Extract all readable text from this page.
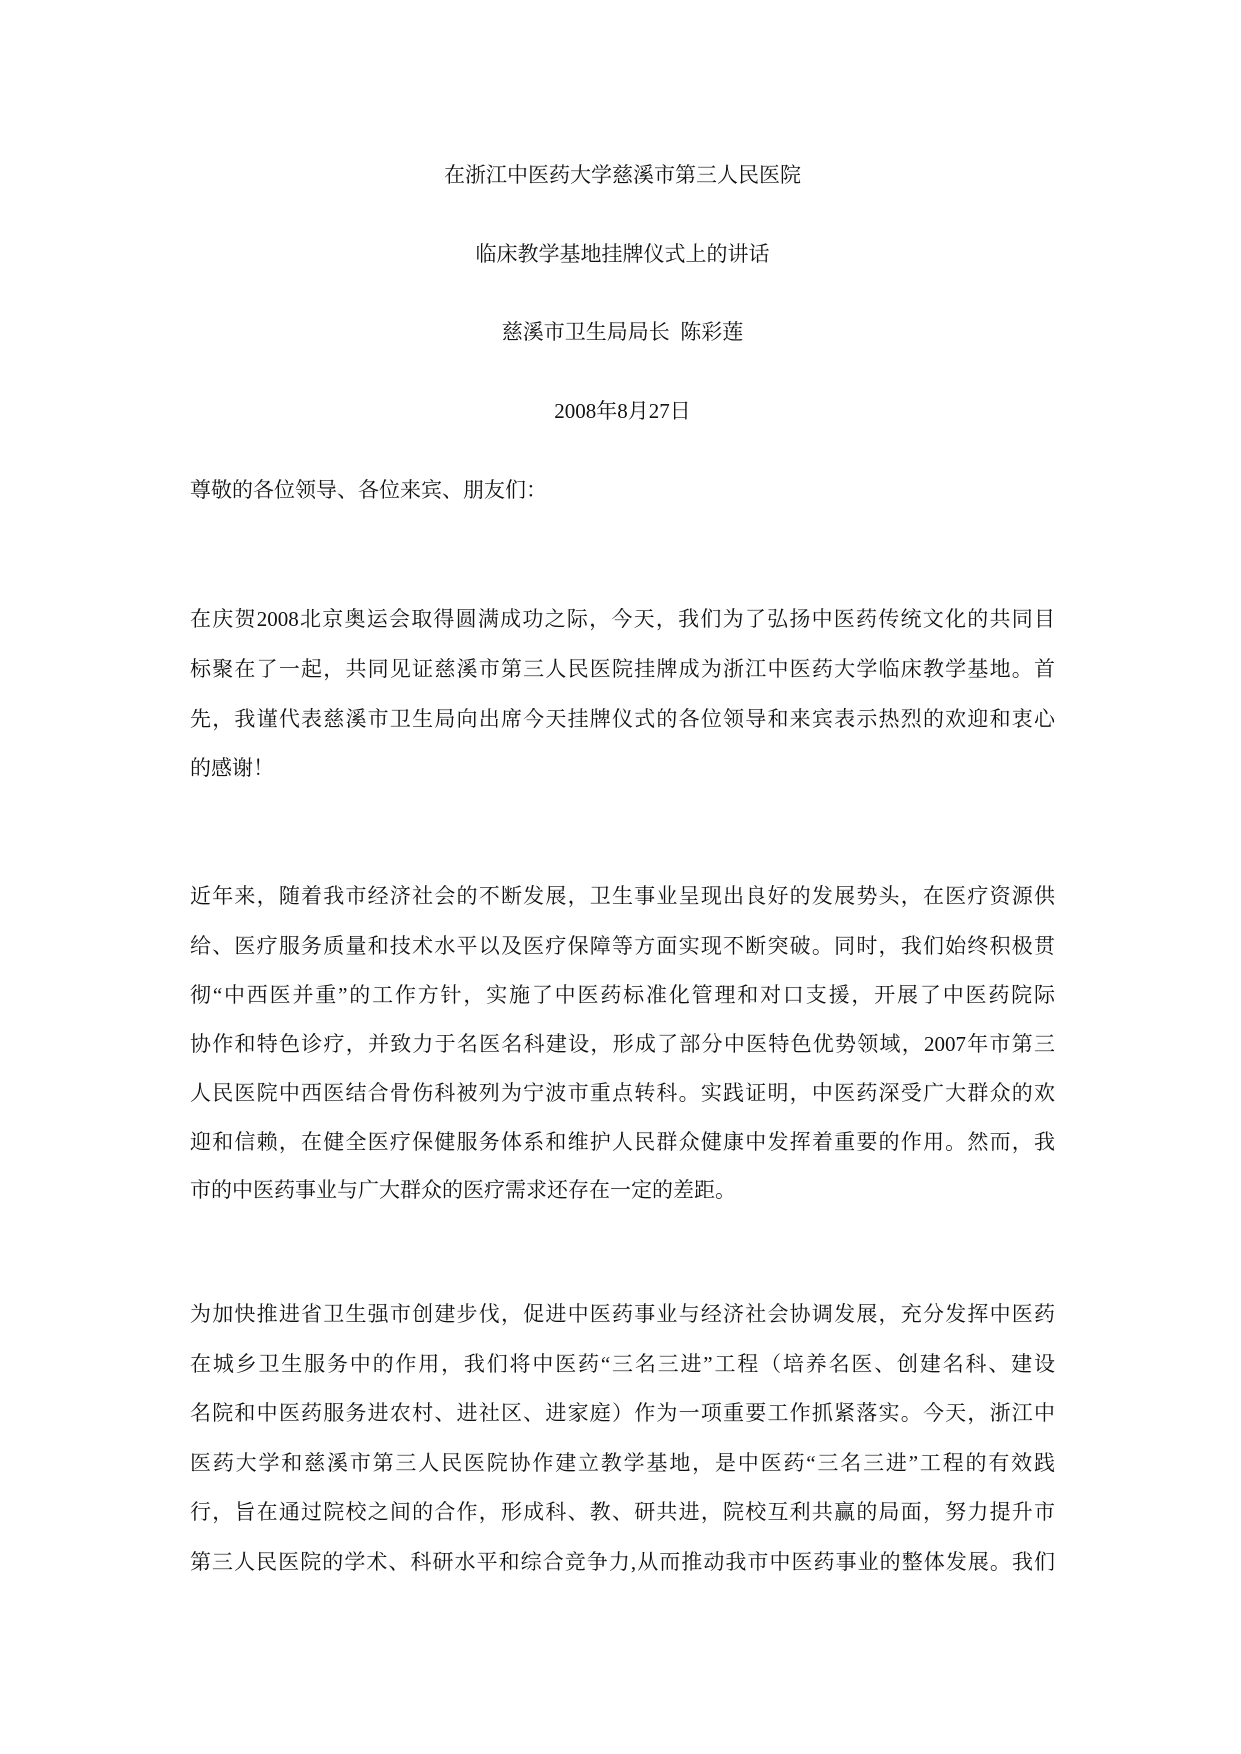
在浙江中医药大学慈溪市第三人民医院
临床教学基地挂牌仪式上的讲话
慈溪市卫生局局长  陈彩莲
2008年8月27日
尊敬的各位领导、各位来宾、朋友们：
在庆贺2008北京奥运会取得圆满成功之际，今天，我们为了弘扬中医药传统文化的共同目
标聚在了一起，共同见证慈溪市第三人民医院挂牌成为浙江中医药大学临床教学基地。首
先，我谨代表慈溪市卫生局向出席今天挂牌仪式的各位领导和来宾表示热烈的欢迎和衷心
的感谢！
近年来，随着我市经济社会的不断发展，卫生事业呈现出良好的发展势头，在医疗资源供
给、医疗服务质量和技术水平以及医疗保障等方面实现不断突破。同时，我们始终积极贯
彻“中西医并重”的工作方针，实施了中医药标准化管理和对口支援，开展了中医药院际
协作和特色诊疗，并致力于名医名科建设，形成了部分中医特色优势领域，2007年市第三
人民医院中西医结合骨伤科被列为宁波市重点转科。实践证明，中医药深受广大群众的欢
迎和信赖，在健全医疗保健服务体系和维护人民群众健康中发挥着重要的作用。然而，我
市的中医药事业与广大群众的医疗需求还存在一定的差距。
为加快推进省卫生强市创建步伐，促进中医药事业与经济社会协调发展，充分发挥中医药
在城乡卫生服务中的作用，我们将中医药“三名三进”工程（培养名医、创建名科、建设
名院和中医药服务进农村、进社区、进家庭）作为一项重要工作抓紧落实。今天，浙江中
医药大学和慈溪市第三人民医院协作建立教学基地，是中医药“三名三进”工程的有效践
行，旨在通过院校之间的合作，形成科、教、研共进，院校互利共赢的局面，努力提升市
第三人民医院的学术、科研水平和综合竞争力,从而推动我市中医药事业的整体发展。我们
